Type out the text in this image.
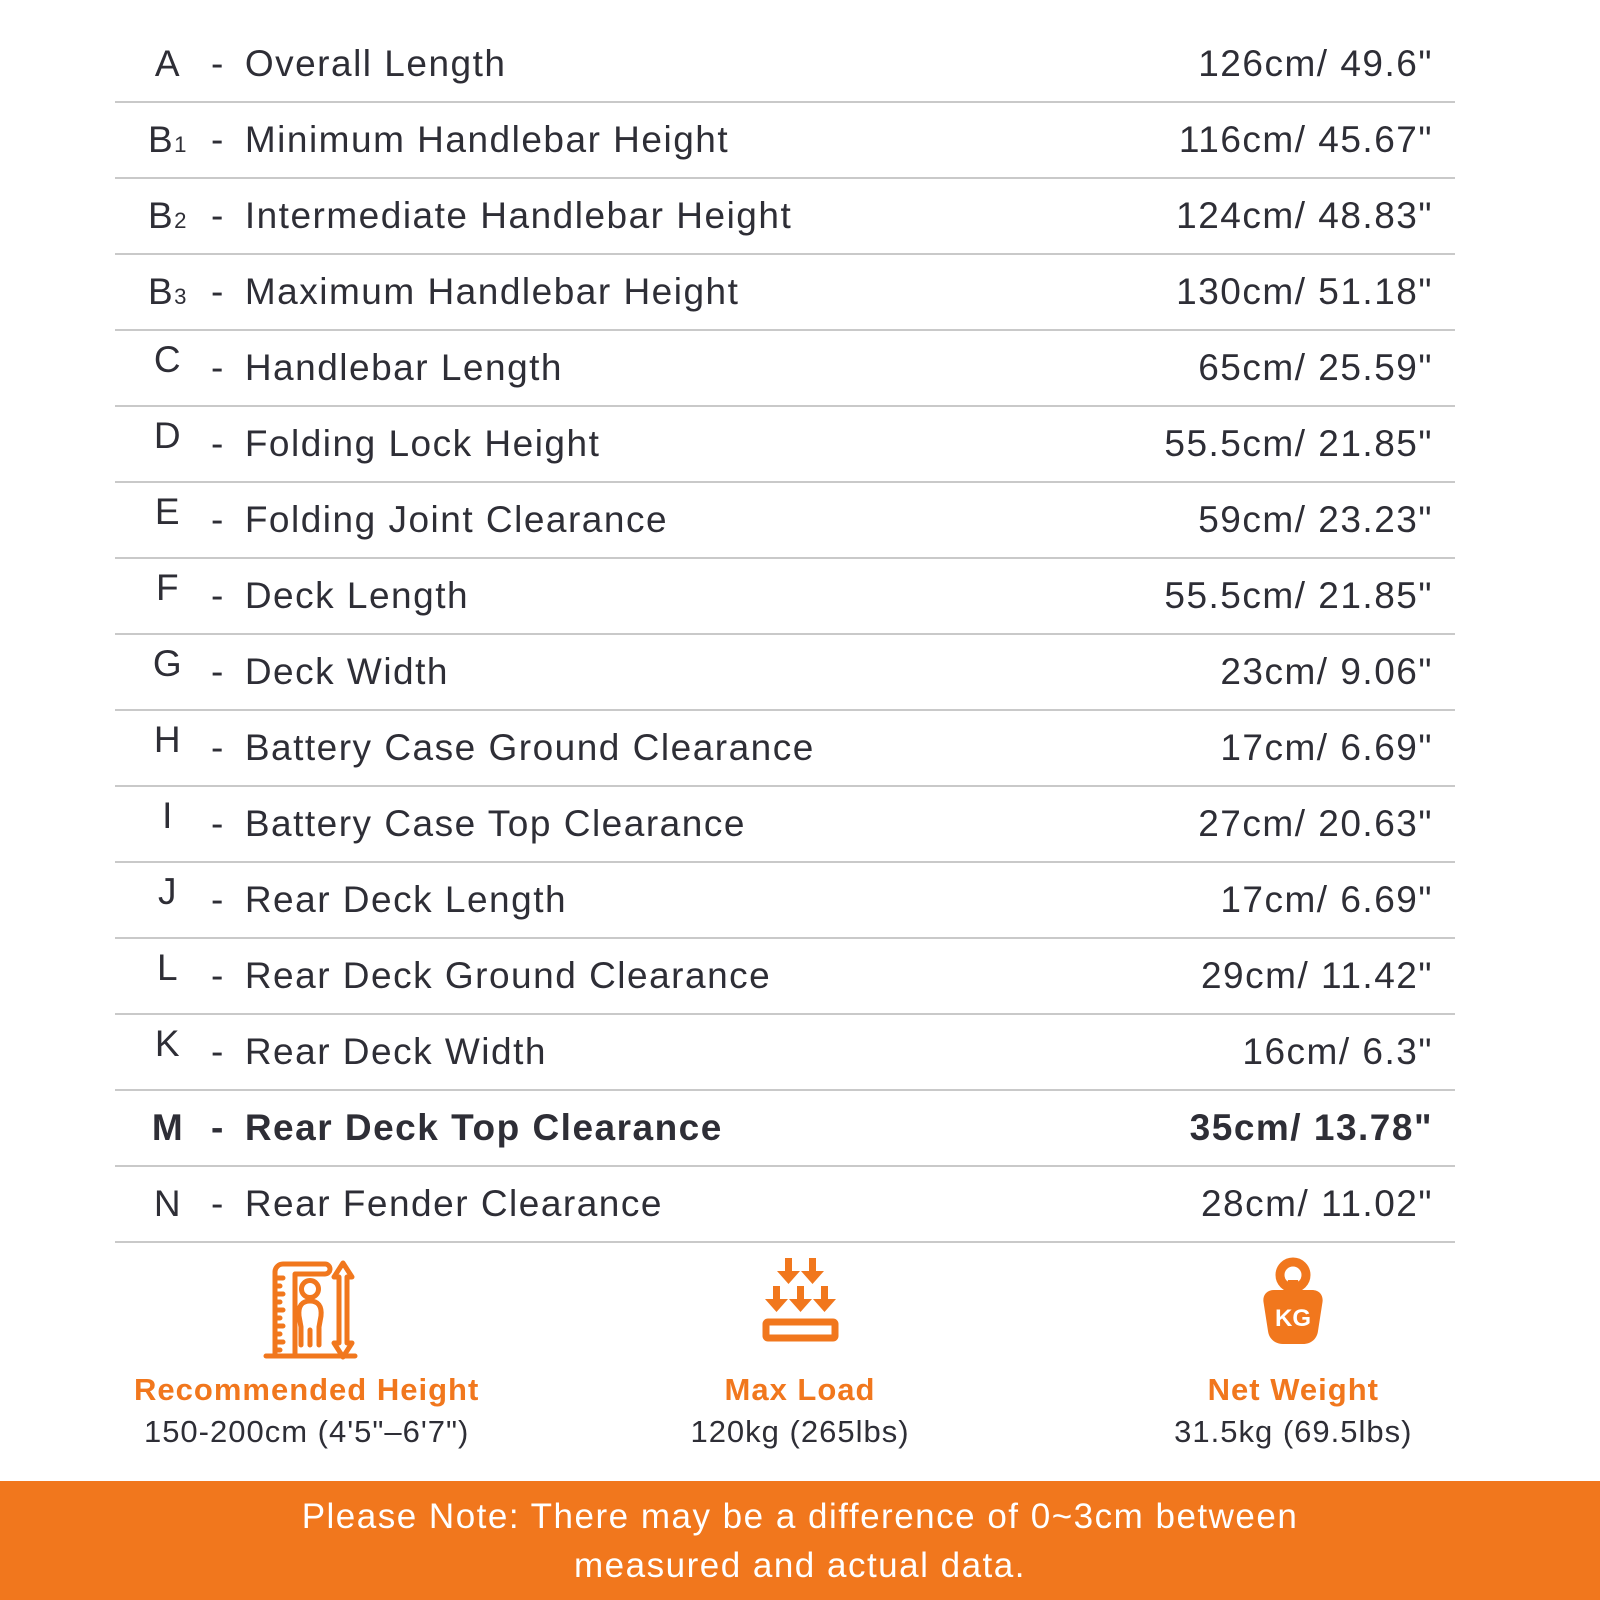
A - Overall Length	126cm/ 49.6"
B 1 - Minimum Handlebar Height	116cm/ 45.67"
B 2 - Intermediate Handlebar Height	124cm/ 48.83"
B 3 - Maximum Handlebar Height	130cm/ 51.18"
C - Handlebar Length	65cm/ 25.59"
D - Folding Lock Height	55.5cm/ 21.85"
E - Folding Joint Clearance	59cm/ 23.23"
F - Deck Length	55.5cm/ 21.85"
G - Deck Width	23cm/ 9.06"
H - Battery Case Ground Clearance	17cm/ 6.69"
I - Battery Case Top Clearance	27cm/ 20.63"
J - Rear Deck Length	17cm/ 6.69"
L - Rear Deck Ground Clearance	29cm/ 11.42"
K - Rear Deck Width	16cm/ 6.3"
M - Rear Deck Top Clearance	35cm/ 13.78"
N - Rear Fender Clearance	28cm/ 11.02"
Recommended Height
150-200cm (4'5"–6'7")
Max Load
120kg (265lbs)
KG
Net Weight
31.5kg (69.5lbs)
Please Note: There may be a difference of 0~3cm between
measured and actual data.
